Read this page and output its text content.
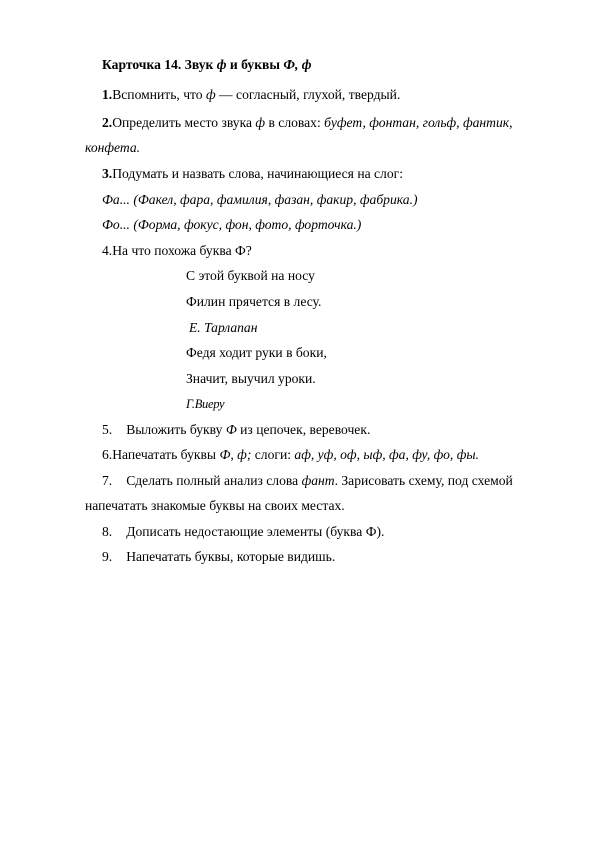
Карточка 14. Звук ф и буквы Ф, ф
1.Вспомнить, что ф — согласный, глухой, твердый.
2.Определить место звука ф в словах: буфет, фонтан, гольф, фантик,
конфета.
3.Подумать и назвать слова, начинающиеся на слог:
Фа... (Факел, фара, фамилия, фазан, факир, фабрика.)
Фо... (Форма, фокус, фон, фото, форточка.)
4.На что похожа буква Ф?
С этой буквой на носу
Филин прячется в лесу.
Е. Тарлапан
Федя ходит руки в боки,
Значит, выучил уроки.
Г.Виеру
5. Выложить букву Ф из цепочек, веревочек.
6.Напечатать буквы Ф, ф; слоги: аф, уф, оф, ыф, фа, фу, фо, фы.
7. Сделать полный анализ слова фант. Зарисовать схему, под схемой
напечатать знакомые буквы на своих местах.
8. Дописать недостающие элементы (буква Ф).
9. Напечатать буквы, которые видишь.
